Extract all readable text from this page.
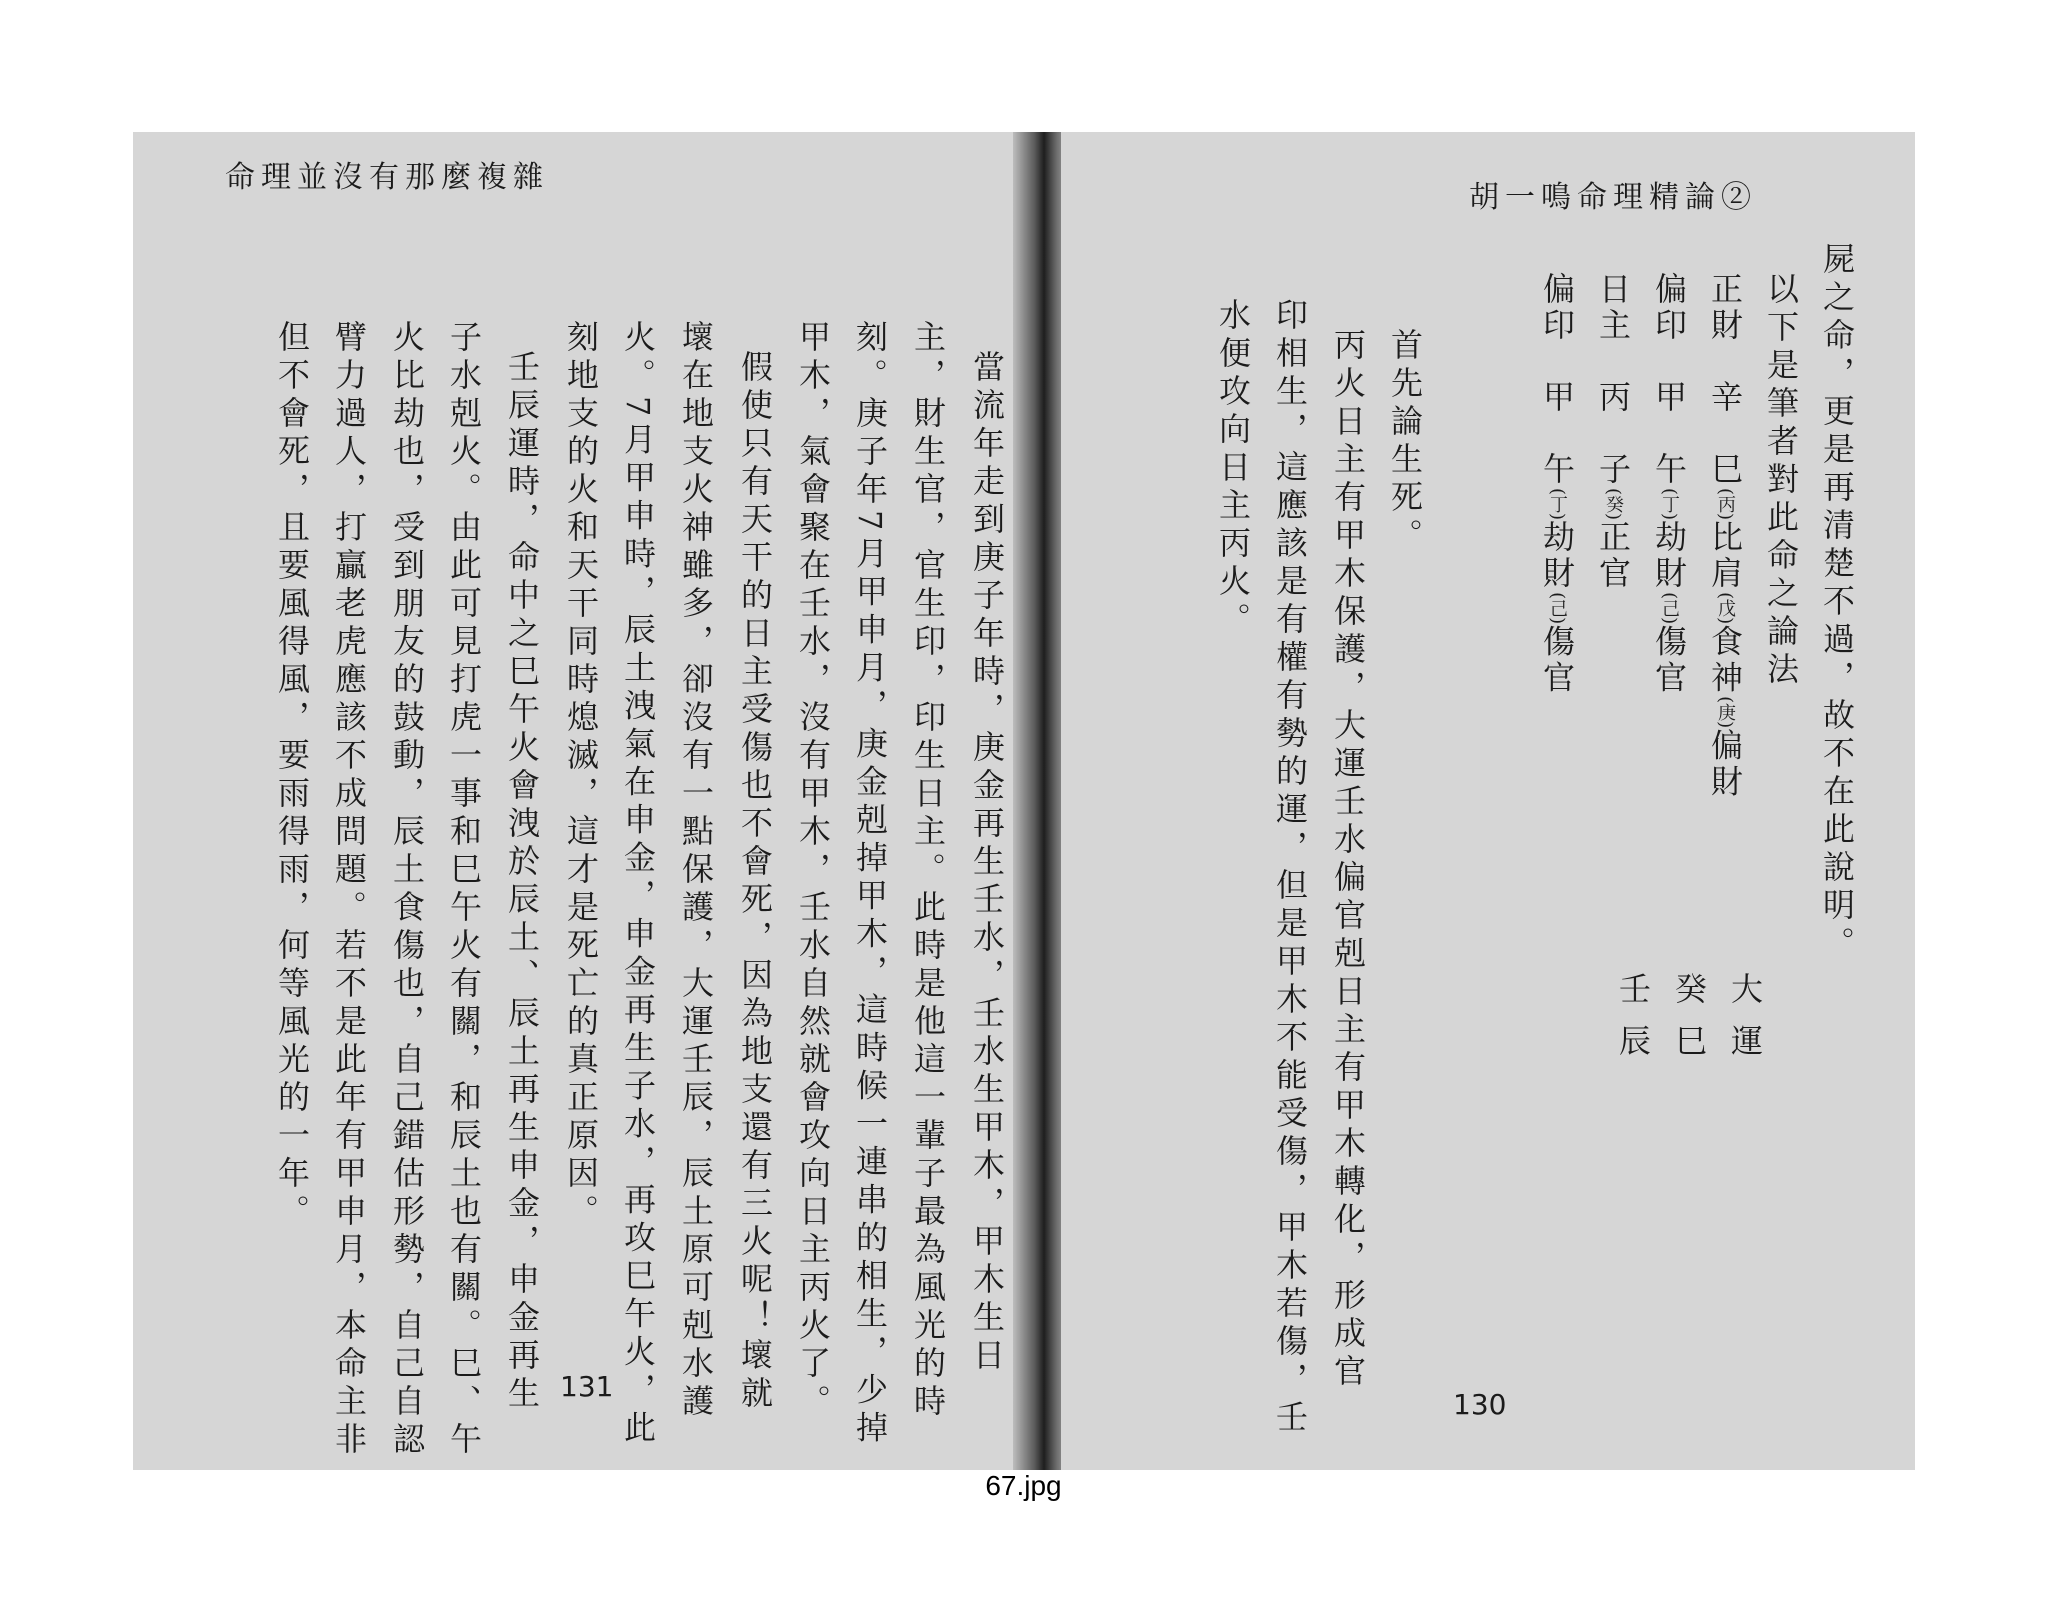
命理並沒有那麼複雜
當流年走到庚子年時，庚金再生壬水，壬水生甲木，甲木生日
主，財生官，官生印，印生日主。此時是他這一輩子最為風光的時
刻。庚子年7月甲申月，庚金剋掉甲木，這時候一連串的相生，少掉
甲木，氣會聚在壬水，沒有甲木，壬水自然就會攻向日主丙火了。
假使只有天干的日主受傷也不會死，因為地支還有三火呢！壞就
壞在地支火神雖多，卻沒有一點保護，大運壬辰，辰土原可剋水護
火。7月甲申時，辰土洩氣在申金，申金再生子水，再攻巳午火，此
刻地支的火和天干同時熄滅，這才是死亡的真正原因。
壬辰運時，命中之巳午火會洩於辰土、辰土再生申金，申金再生
子水剋火。由此可見打虎一事和巳午火有關，和辰土也有關。巳、午
火比劫也，受到朋友的鼓動，辰土食傷也，自己錯估形勢，自己自認
臂力過人，打贏老虎應該不成問題。若不是此年有甲申月，本命主非
但不會死，且要風得風，要雨得雨，何等風光的一年。
131
胡一鳴命理精論②
屍之命，更是再清楚不過，故不在此說明。
以下是筆者對此命之論法
正財　辛　巳(丙)比肩(戊)食神(庚)偏財
偏印　甲　午(丁)劫財(己)傷官
日主　丙　子(癸)正官
偏印　甲　午(丁)劫財(己)傷官
大運
癸巳
壬辰
首先論生死。
丙火日主有甲木保護，大運壬水偏官剋日主有甲木轉化，形成官
印相生，這應該是有權有勢的運，但是甲木不能受傷，甲木若傷，壬
水便攻向日主丙火。
130
67.jpg
